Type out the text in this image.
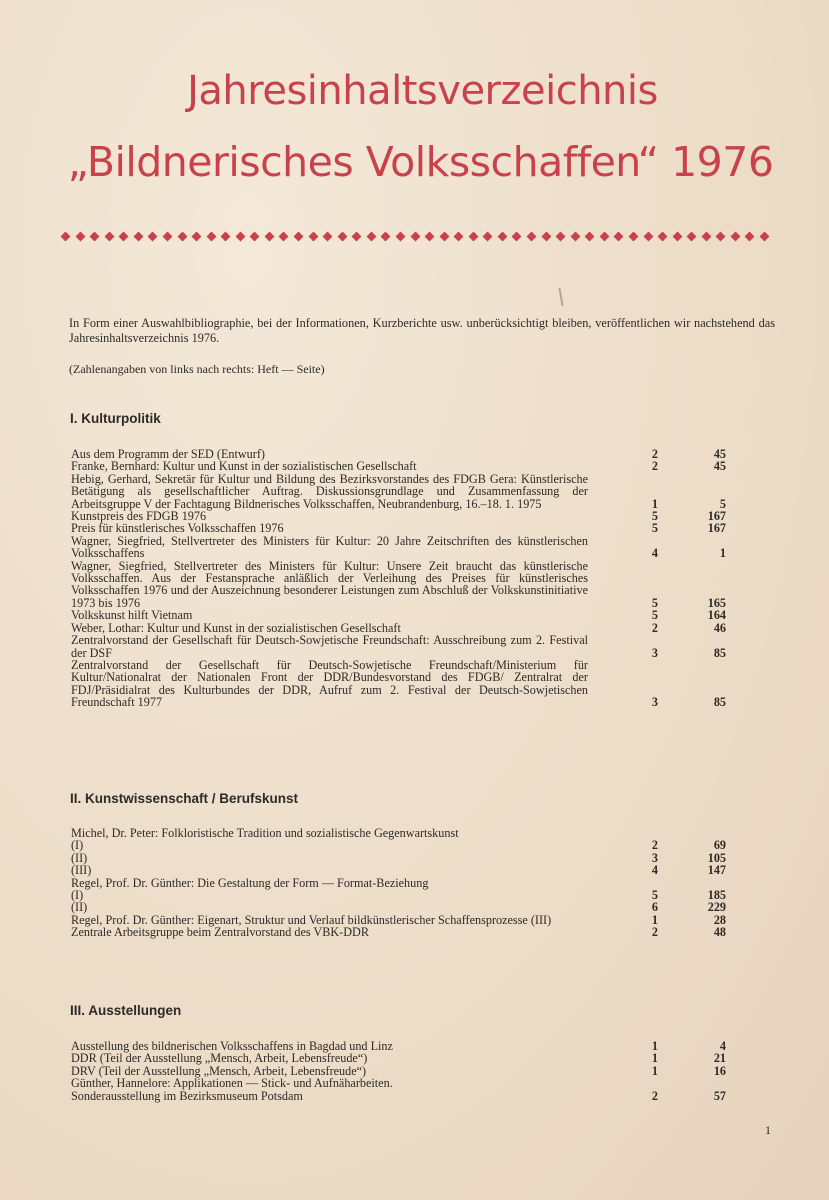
Jahresinhaltsverzeichnis
„Bildnerisches Volksschaffen“ 1976
In Form einer Auswahlbibliographie, bei der Informationen, Kurzberichte usw. unberücksichtigt bleiben, veröffentlichen wir nachstehend das Jahresinhaltsverzeichnis 1976.
(Zahlenangaben von links nach rechts: Heft — Seite)
I. Kulturpolitik
Aus dem Programm der SED (Entwurf)	2	45
Franke, Bernhard: Kultur und Kunst in der sozialistischen Gesellschaft	2	45
Hebig, Gerhard, Sekretär für Kultur und Bildung des Bezirksvorstandes des FDGB Gera: Künstlerische Betätigung als gesellschaftlicher Auftrag. Diskussionsgrundlage und Zusammenfassung der Arbeitsgruppe V der Fachtagung Bildnerisches Volksschaffen, Neubrandenburg, 16.–18. 1. 1975	1	5
Kunstpreis des FDGB 1976	5	167
Preis für künstlerisches Volksschaffen 1976	5	167
Wagner, Siegfried, Stellvertreter des Ministers für Kultur: 20 Jahre Zeitschriften des künstlerischen Volksschaffens	4	1
Wagner, Siegfried, Stellvertreter des Ministers für Kultur: Unsere Zeit braucht das künstlerische Volksschaffen. Aus der Festansprache anläßlich der Verleihung des Preises für künstlerisches Volksschaffen 1976 und der Auszeichnung besonderer Leistungen zum Abschluß der Volkskunstinitiative 1973 bis 1976	5	165
Volkskunst hilft Vietnam	5	164
Weber, Lothar: Kultur und Kunst in der sozialistischen Gesellschaft	2	46
Zentralvorstand der Gesellschaft für Deutsch-Sowjetische Freundschaft: Ausschreibung zum 2. Festival der DSF	3	85
Zentralvorstand der Gesellschaft für Deutsch-Sowjetische Freundschaft/Ministerium für Kultur/Nationalrat der Nationalen Front der DDR/Bundesvorstand des FDGB/ Zentralrat der FDJ/Präsidialrat des Kulturbundes der DDR, Aufruf zum 2. Festival der Deutsch-Sowjetischen Freundschaft 1977	3	85
II. Kunstwissenschaft / Berufskunst
Michel, Dr. Peter: Folkloristische Tradition und sozialistische Gegenwartskunst
(I)	2	69
(II)	3	105
(III)	4	147
Regel, Prof. Dr. Günther: Die Gestaltung der Form — Format-Beziehung
(I)	5	185
(II)	6	229
Regel, Prof. Dr. Günther: Eigenart, Struktur und Verlauf bildkünstlerischer Schaffensprozesse (III)	1	28
Zentrale Arbeitsgruppe beim Zentralvorstand des VBK-DDR	2	48
III. Ausstellungen
Ausstellung des bildnerischen Volksschaffens in Bagdad und Linz	1	4
DDR (Teil der Ausstellung „Mensch, Arbeit, Lebensfreude“)	1	21
DRV (Teil der Ausstellung „Mensch, Arbeit, Lebensfreude“)	1	16
Günther, Hannelore: Applikationen — Stick- und Aufnäharbeiten.
Sonderausstellung im Bezirksmuseum Potsdam	2	57
1
